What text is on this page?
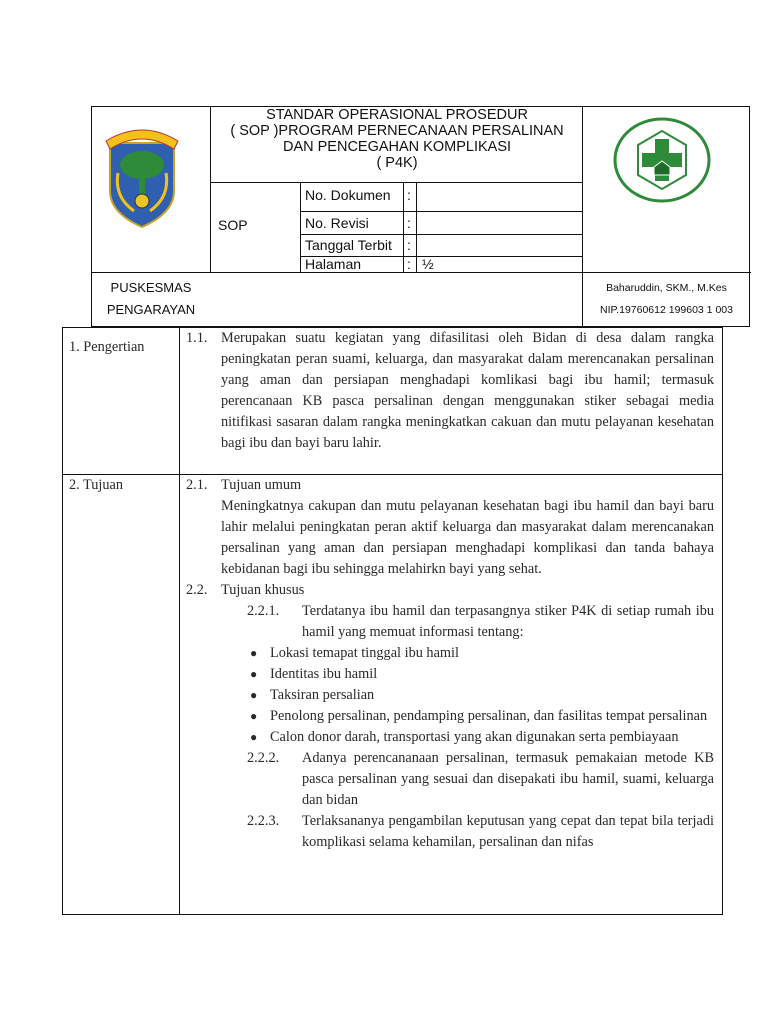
STANDAR OPERASIONAL PROSEDUR
( SOP )PROGRAM PERNECANAAN PERSALINAN
DAN PENCEGAHAN KOMPLIKASI
( P4K)
SOP
No. Dokumen :
No. Revisi	:
Tanggal Terbit :
Halaman	: ½
PUSKESMAS
PENGARAYAN
Baharuddin, SKM., M.Kes
NIP.19760612 199603 1 003
1. Pengertian
1.1. Merupakan suatu kegiatan yang difasilitasi oleh Bidan di desa dalam rangka peningkatan peran suami, keluarga, dan masyarakat dalam merencanakan persalinan yang aman dan persiapan menghadapi komlikasi bagi ibu hamil; termasuk perencanaan KB pasca persalinan dengan menggunakan stiker sebagai media nitifikasi sasaran dalam rangka meningkatkan cakuan dan mutu pelayanan kesehatan bagi ibu dan bayi baru lahir.
2. Tujuan	2.1. Tujuan umum
Meningkatnya cakupan dan mutu pelayanan kesehatan bagi ibu hamil dan bayi baru lahir melalui peningkatan peran aktif keluarga dan masyarakat dalam merencanakan persalinan yang aman dan persiapan menghadapi komplikasi dan tanda bahaya kebidanan bagi ibu sehingga melahirkn bayi yang sehat.
2.2. Tujuan khusus
2.2.1.	Terdatanya ibu hamil dan terpasangnya stiker P4K di setiap rumah ibu hamil yang memuat informasi tentang:
● Lokasi temapat tinggal ibu hamil
● Identitas ibu hamil
● Taksiran persalian
● Penolong persalinan, pendamping persalinan, dan fasilitas tempat persalinan
● Calon donor darah, transportasi yang akan digunakan serta pembiayaan
2.2.2.	Adanya perencananaan persalinan, termasuk pemakaian metode KB pasca persalinan yang sesuai dan disepakati ibu hamil, suami, keluarga dan bidan
2.2.3.	Terlaksananya pengambilan keputusan yang cepat dan tepat bila terjadi komplikasi selama kehamilan, persalinan dan nifas
